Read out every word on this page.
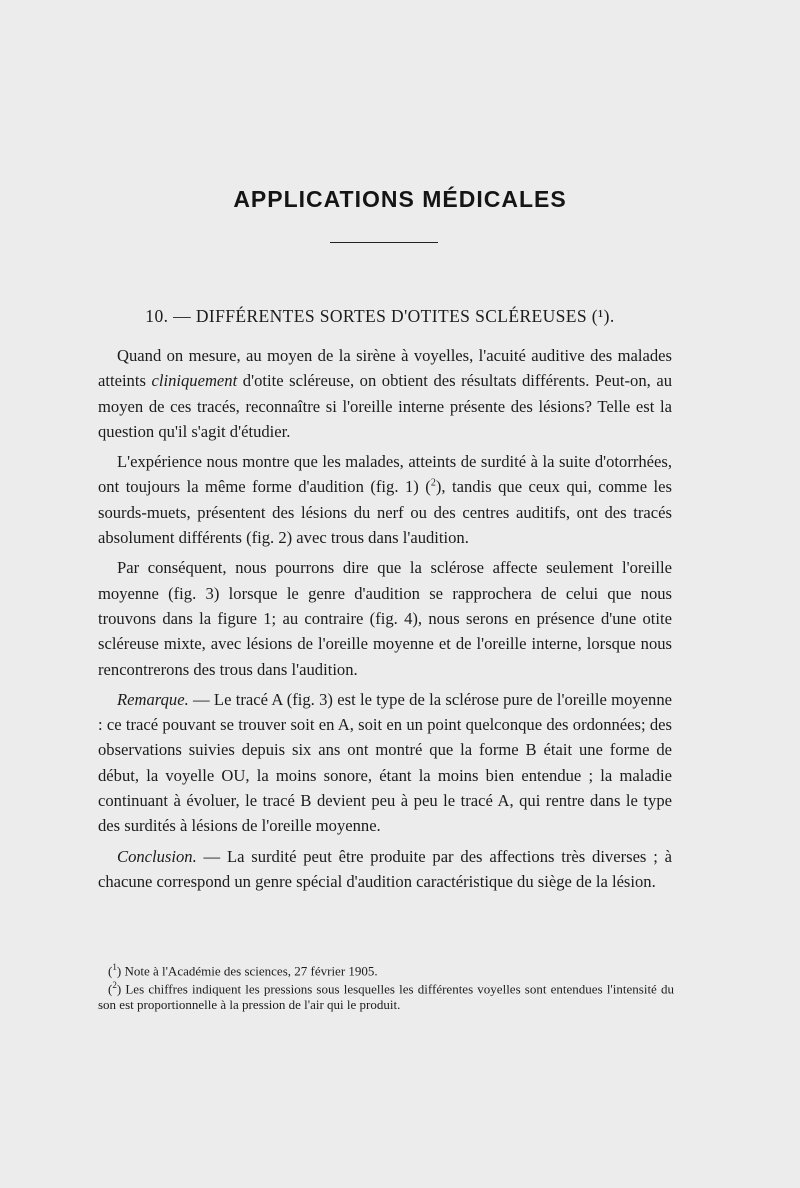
APPLICATIONS MÉDICALES
10. — DIFFÉRENTES SORTES D'OTITES SCLÉREUSES (¹).

Quand on mesure, au moyen de la sirène à voyelles, l'acuité auditive des malades atteints cliniquement d'otite scléreuse, on obtient des résultats différents. Peut-on, au moyen de ces tracés, reconnaître si l'oreille interne présente des lésions? Telle est la question qu'il s'agit d'étudier.

L'expérience nous montre que les malades, atteints de surdité à la suite d'otorrhées, ont toujours la même forme d'audition (fig. 1) ($^2$), tandis que ceux qui, comme les sourds-muets, présentent des lésions du nerf ou des centres auditifs, ont des tracés absolument différents (fig. 2) avec trous dans l'audition.

Par conséquent, nous pourrons dire que la sclérose affecte seulement l'oreille moyenne (fig. 3) lorsque le genre d'audition se rapprochera de celui que nous trouvons dans la figure 1; au contraire (fig. 4), nous serons en présence d'une otite scléreuse mixte, avec lésions de l'oreille moyenne et de l'oreille interne, lorsque nous rencontrerons des trous dans l'audition.

Remarque. — Le tracé A (fig. 3) est le type de la sclérose pure de l'oreille moyenne : ce tracé pouvant se trouver soit en A, soit en un point quelconque des ordonnées; des observations suivies depuis six ans ont montré que la forme B était une forme de début, la voyelle OU, la moins sonore, étant la moins bien entendue ; la maladie continuant à évoluer, le tracé B devient peu à peu le tracé A, qui rentre dans le type des surdités à lésions de l'oreille moyenne.

Conclusion. — La surdité peut être produite par des affections très diverses ; à chacune correspond un genre spécial d'audition caractéristique du siège de la lésion.

($^1$) Note à l'Académie des sciences, 27 février 1905.

($^2$) Les chiffres indiquent les pressions sous lesquelles les différentes voyelles sont entendues l'intensité du son est proportionnelle à la pression de l'air qui le produit.
